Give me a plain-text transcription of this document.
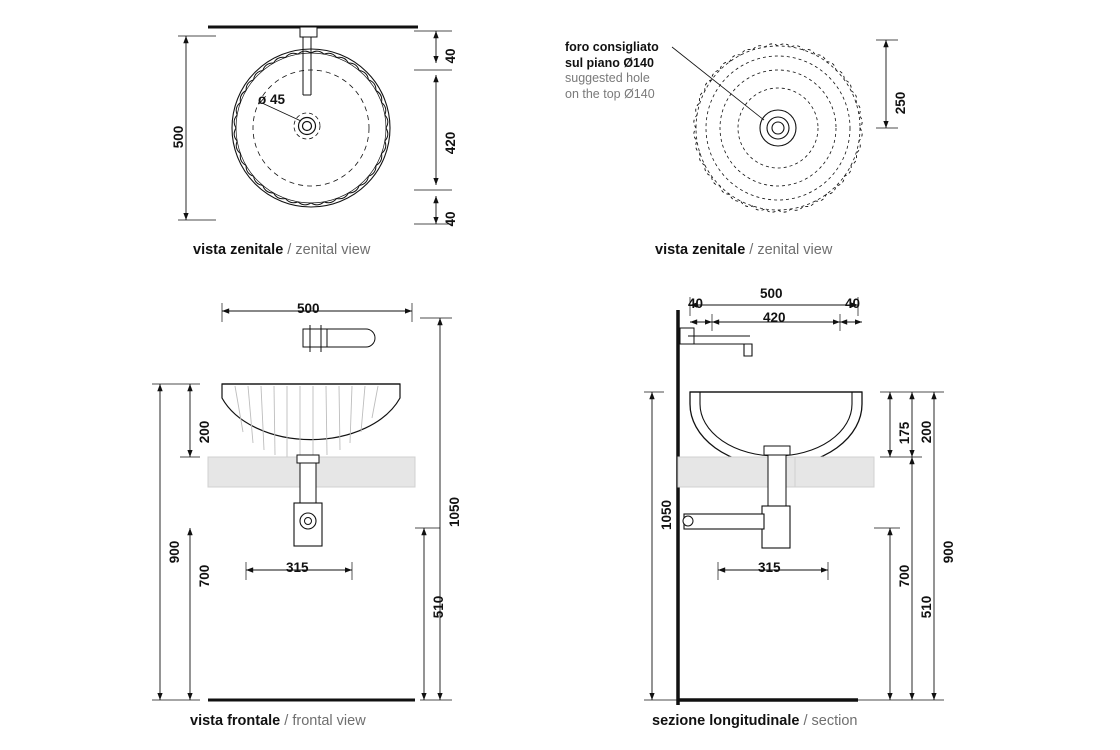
vista zenitale / zenital view	vista zenitale / zenital view
vista frontale / frontal view	sezione longitudinale / section
foro consigliato
sul piano Ø140
suggested hole
on the top Ø140
500
40
420
40
ø 45	250
500
200
900
700
1050
510
315
500
40	40
420
175 200
1050
900
700
510
315
